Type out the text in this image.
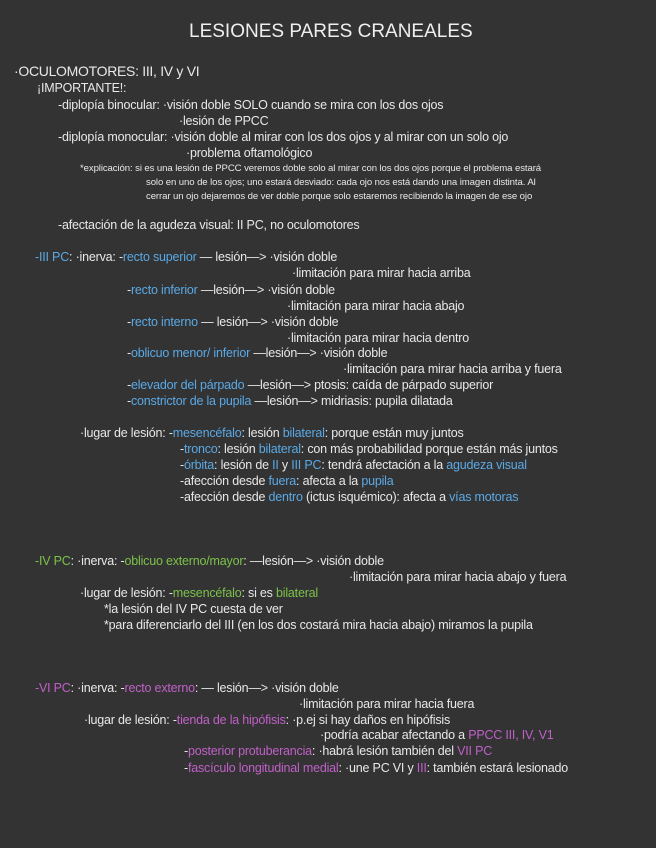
LESIONES PARES CRANEALES
·OCULOMOTORES: III, IV y VI
¡IMPORTANTE!:
-diplopía binocular: ·visión doble SOLO cuando se mira con los dos ojos
·lesión de PPCC
-diplopía monocular: ·visión doble al mirar con los dos ojos y al mirar con un solo ojo
·problema oftamológico
*explicación: si es una lesión de PPCC veremos doble solo al mirar con los dos ojos porque el problema estará
solo en uno de los ojos; uno estará desviado: cada ojo nos está dando una imagen distinta. Al
cerrar un ojo dejaremos de ver doble porque solo estaremos recibiendo la imagen de ese ojo
-afectación de la agudeza visual: II PC, no oculomotores
-III PC: ·inerva: -recto superior — lesión—> ·visión doble
·limitación para mirar hacia arriba
-recto inferior —lesión—> ·visión doble
·limitación para mirar hacia abajo
-recto interno — lesión—> ·visión doble
·limitación para mirar hacia dentro
-oblicuo menor/ inferior —lesión—> ·visión doble
·limitación para mirar hacia arriba y fuera
-elevador del párpado —lesión—> ptosis: caída de párpado superior
-constrictor de la pupila —lesión—> midriasis: pupila dilatada
·lugar de lesión: -mesencéfalo: lesión bilateral: porque están muy juntos
-tronco: lesión bilateral: con más probabilidad porque están más juntos
-órbita: lesión de II y III PC: tendrá afectación a la agudeza visual
-afección desde fuera: afecta a la pupila
-afección desde dentro (ictus isquémico): afecta a vías motoras
-IV PC: ·inerva: -oblicuo externo/mayor: —lesión—> ·visión doble
·limitación para mirar hacia abajo y fuera
·lugar de lesión: -mesencéfalo: si es bilateral
*la lesión del IV PC cuesta de ver
*para diferenciarlo del III (en los dos costará mira hacia abajo) miramos la pupila
-VI PC: ·inerva: -recto externo: — lesión—> ·visión doble
·limitación para mirar hacia fuera
·lugar de lesión: -tienda de la hipófisis: ·p.ej si hay daños en hipófisis
·podría acabar afectando a PPCC III, IV, V1
-posterior protuberancia: ·habrá lesión también del VII PC
-fascículo longitudinal medial: ·une PC VI y III: también estará lesionado
